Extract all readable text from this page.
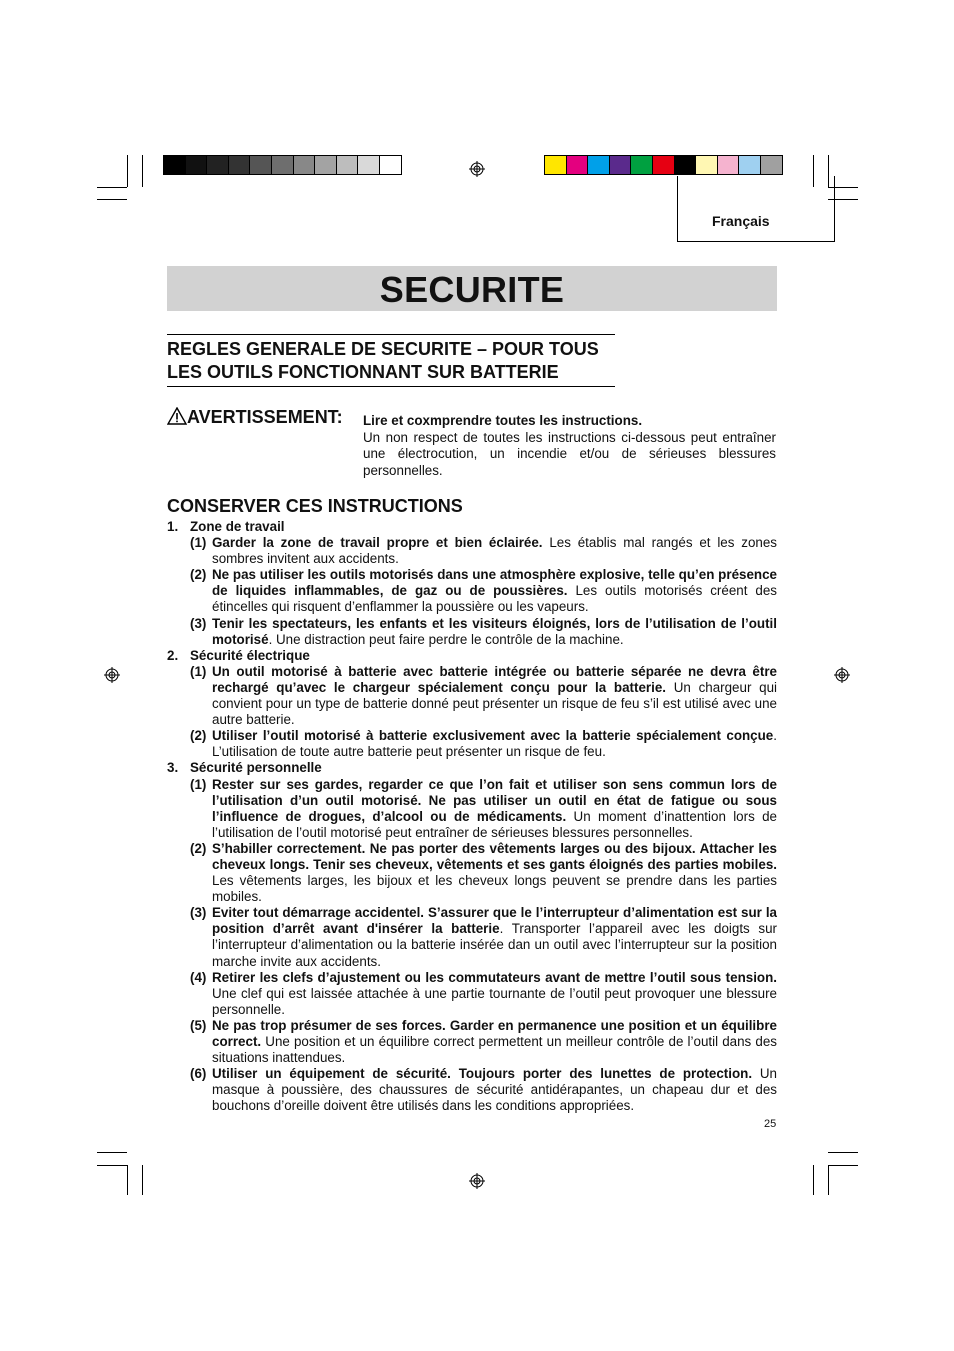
Français
SECURITE
REGLES GENERALE DE SECURITE – POUR TOUS
LES OUTILS FONCTIONNANT SUR BATTERIE
AVERTISSEMENT: Lire et coxmprendre toutes les instructions.
Un non respect de toutes les instructions ci-dessous peut entraîner une électrocution, un incendie et/ou de sérieuses blessures personnelles.
CONSERVER CES INSTRUCTIONS
1. Zone de travail
(1) Garder la zone de travail propre et bien éclairée. Les établis mal rangés et les zones sombres invitent aux accidents.
(2) Ne pas utiliser les outils motorisés dans une atmosphère explosive, telle qu’en présence de liquides inflammables, de gaz ou de poussières. Les outils motorisés créent des étincelles qui risquent d’enflammer la poussière ou les vapeurs.
(3) Tenir les spectateurs, les enfants et les visiteurs éloignés, lors de l’utilisation de l’outil motorisé. Une distraction peut faire perdre le contrôle de la machine.
2. Sécurité électrique
(1) Un outil motorisé à batterie avec batterie intégrée ou batterie séparée ne devra être rechargé qu’avec le chargeur spécialement conçu pour la batterie. Un chargeur qui convient pour un type de batterie donné peut présenter un risque de feu s’il est utilisé avec une autre batterie.
(2) Utiliser l’outil motorisé à batterie exclusivement avec la batterie spécialement conçue. L’utilisation de toute autre batterie peut présenter un risque de feu.
3. Sécurité personnelle
(1) Rester sur ses gardes, regarder ce que l’on fait et utiliser son sens commun lors de l’utilisation d’un outil motorisé. Ne pas utiliser un outil en état de fatigue ou sous l’influence de drogues, d’alcool ou de médicaments. Un moment d’inattention lors de l’utilisation de l’outil motorisé peut entraîner de sérieuses blessures personnelles.
(2) S’habiller correctement. Ne pas porter des vêtements larges ou des bijoux. Attacher les cheveux longs. Tenir ses cheveux, vêtements et ses gants éloignés des parties mobiles. Les vêtements larges, les bijoux et les cheveux longs peuvent se prendre dans les parties mobiles.
(3) Eviter tout démarrage accidentel. S’assurer que le l’interrupteur d’alimentation est sur la position d’arrêt avant d'insérer la batterie. Transporter l’appareil avec les doigts sur l’interrupteur d’alimentation ou la batterie insérée dan un outil avec l’interrupteur sur la position marche invite aux accidents.
(4) Retirer les clefs d’ajustement ou les commutateurs avant de mettre l’outil sous tension. Une clef qui est laissée attachée à une partie tournante de l’outil peut provoquer une blessure personnelle.
(5) Ne pas trop présumer de ses forces. Garder en permanence une position et un équilibre correct. Une position et un équilibre correct permettent un meilleur contrôle de l’outil dans des situations inattendues.
(6) Utiliser un équipement de sécurité. Toujours porter des lunettes de protection. Un masque à poussière, des chaussures de sécurité antidérapantes, un chapeau dur et des bouchons d’oreille doivent être utilisés dans les conditions appropriées.
25
